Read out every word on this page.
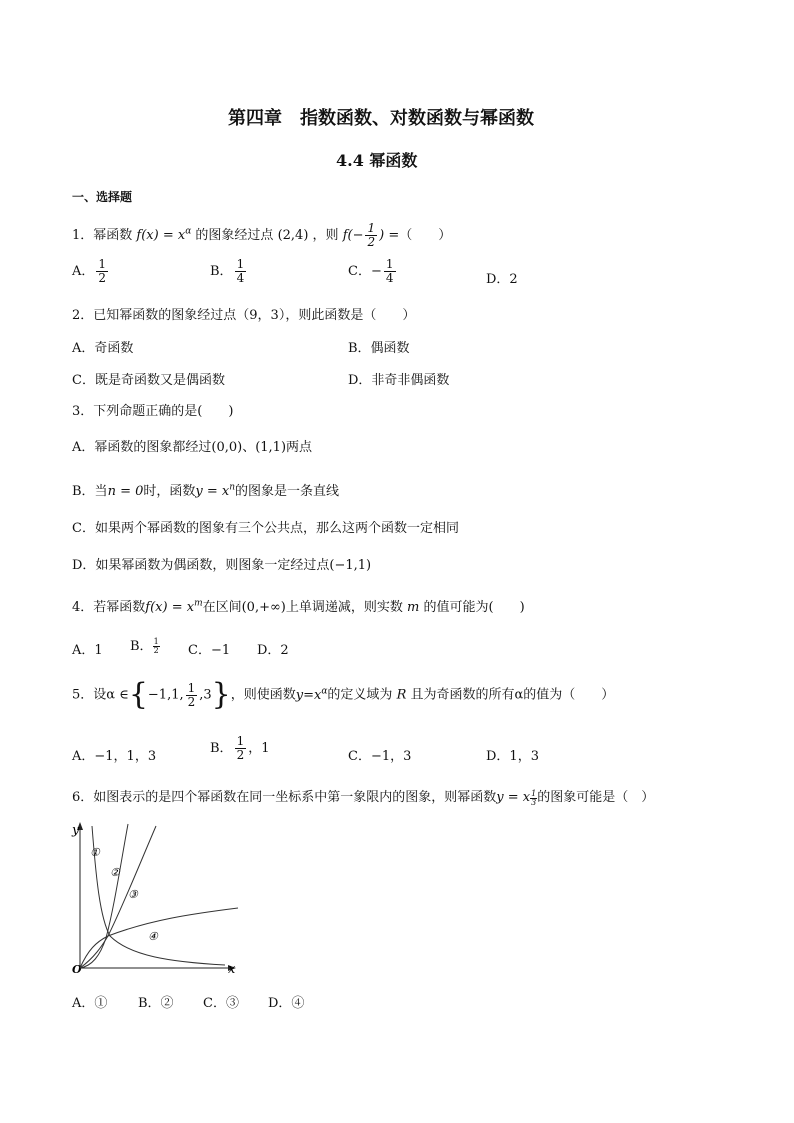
第四章　指数函数、对数函数与幂函数
4.4 幂函数
一、选择题
1．幂函数 $f(x) = x^\alpha$ 的图象经过点 (2,4) ，则 $f(- \frac{1}{2}$ ) =（　　）
A． $\frac{1}{2}$	B． $\frac{1}{4}$	C．− $\frac{1}{4}$	D．2
2．已知幂函数的图象经过点（9，3），则此函数是（　　）
A．奇函数	B．偶函数
C．既是奇函数又是偶函数	D．非奇非偶函数
3．下列命题正确的是(　　)
A．幂函数的图象都经过(0,0)、(1,1)两点
B．当n = 0时，函数$y = x^n$的图象是一条直线
C．如果两个幂函数的图象有三个公共点，那么这两个函数一定相同
D．如果幂函数为偶函数，则图象一定经过点(−1,1)
4．若幂函数$f(x) = x^m$在区间(0,+∞)上单调递减，则实数 m 的值可能为(　　)
A．1 B． $\frac{1}{2}$ C．−1 D．2
5．设α ∈{−1,1, $\frac{1}{2} ,3$}，则使函数$y=x^\alpha$的定义域为 R 且为奇函数的所有α的值为（　　）
A．−1，1，3
B． $\frac{1}{2}$ ，1
C．−1，3	D．1，3
6．如图表示的是四个幂函数在同一坐标系中第一象限内的图象，则幂函数y = x $^{\frac{1}{3}}$ 的图象可能是（　）
y
x
O
①
②
③
④
A．① B．② C．③ D．④
